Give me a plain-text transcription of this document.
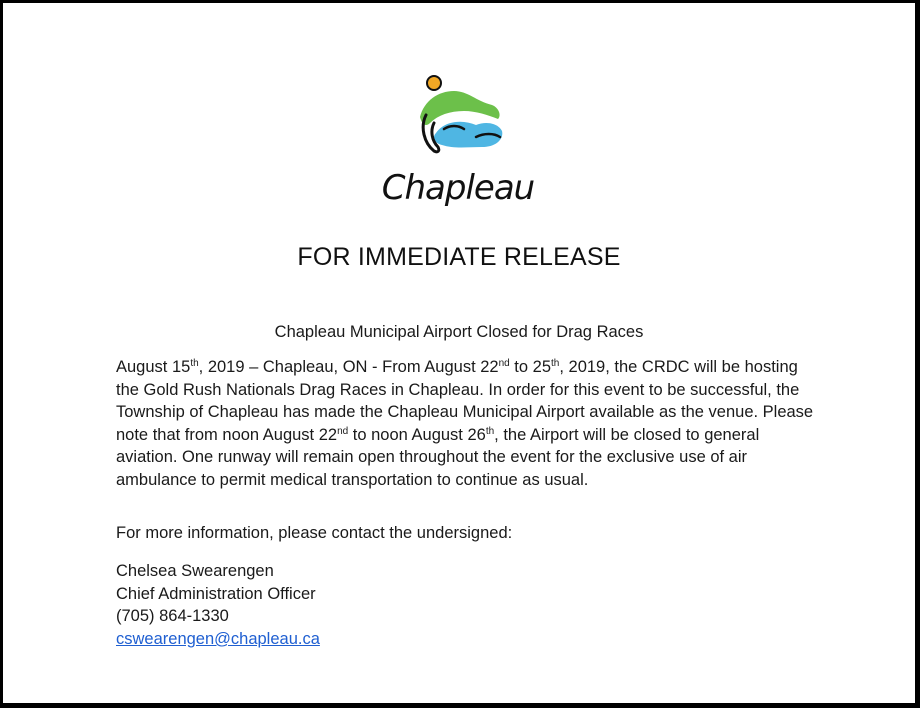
Chapleau
FOR IMMEDIATE RELEASE
Chapleau Municipal Airport Closed for Drag Races
August 15th, 2019 – Chapleau, ON - From August 22nd to 25th, 2019, the CRDC will be hosting the Gold Rush Nationals Drag Races in Chapleau. In order for this event to be successful, the Township of Chapleau has made the Chapleau Municipal Airport available as the venue. Please note that from noon August 22nd to noon August 26th, the Airport will be closed to general aviation. One runway will remain open throughout the event for the exclusive use of air ambulance to permit medical transportation to continue as usual.
For more information, please contact the undersigned:
Chelsea Swearengen
Chief Administration Officer
(705) 864-1330
cswearengen@chapleau.ca
